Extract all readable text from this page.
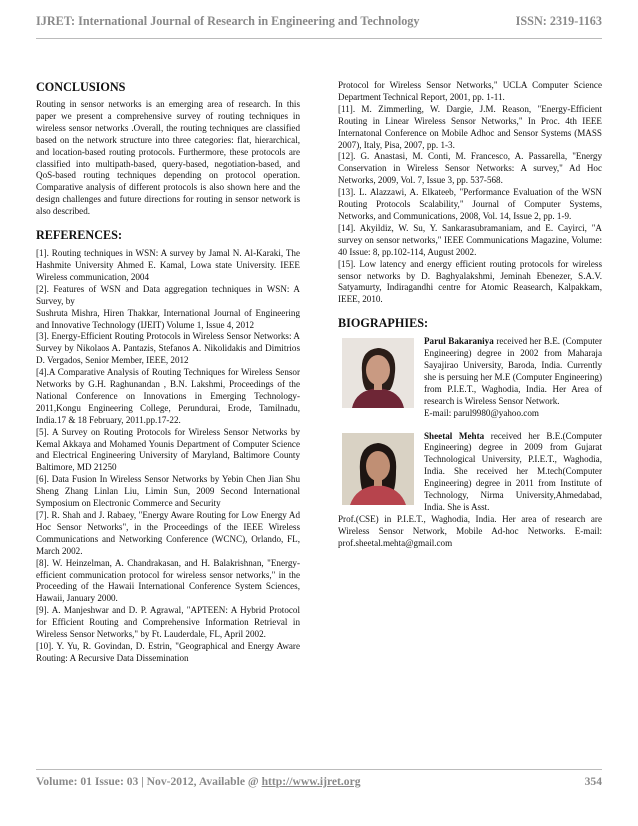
IJRET: International Journal of Research in Engineering and Technology	ISSN: 2319-1163
CONCLUSIONS

Routing in sensor networks is an emerging area of research. In this paper we present a comprehensive survey of routing techniques in wireless sensor networks .Overall, the routing techniques are classified based on the network structure into three categories: flat, hierarchical, and location-based routing protocols. Furthermore, these protocols are classified into multipath-based, query-based, negotiation-based, and QoS-based routing techniques depending on protocol operation. Comparative analysis of different protocols is also shown here and the design challenges and future directions for routing in sensor network is also described.

REFERENCES:

[1]. Routing techniques in WSN: A survey by Jamal N. Al-Karaki, The Hashmite University Ahmed E. Kamal, Lowa state University. IEEE Wireless communication, 2004

[2]. Features of WSN and Data aggregation techniques in WSN: A Survey, by

Sushruta Mishra, Hiren Thakkar, International Journal of Engineering and Innovative Technology (IJEIT) Volume 1, Issue 4, 2012

[3]. Energy-Efficient Routing Protocols in Wireless Sensor Networks: A Survey by Nikolaos A. Pantazis, Stefanos A. Nikolidakis and Dimitrios D. Vergados, Senior Member, IEEE, 2012

[4].A Comparative Analysis of Routing Techniques for Wireless Sensor Networks by G.H. Raghunandan , B.N. Lakshmi, Proceedings of the National Conference on Innovations in Emerging Technology-2011,Kongu Engineering College, Perundurai, Erode, Tamilnadu, India.17 & 18 February, 2011.pp.17-22.

[5]. A Survey on Routing Protocols for Wireless Sensor Networks by Kemal Akkaya and Mohamed Younis Department of Computer Science and Electrical Engineering University of Maryland, Baltimore County Baltimore, MD 21250

[6]. Data Fusion In Wireless Sensor Networks by Yebin Chen Jian Shu Sheng Zhang Linlan Liu, Limin Sun, 2009 Second International Symposium on Electronic Commerce and Security

[7]. R. Shah and J. Rabaey, "Energy Aware Routing for Low Energy Ad Hoc Sensor Networks", in the Proceedings of the IEEE Wireless Communications and Networking Conference (WCNC), Orlando, FL, March 2002.

[8]. W. Heinzelman, A. Chandrakasan, and H. Balakrishnan, "Energy-efficient communication protocol for wireless sensor networks," in the Proceeding of the Hawaii International Conference System Sciences, Hawaii, January 2000.

[9]. A. Manjeshwar and D. P. Agrawal, "APTEEN: A Hybrid Protocol for Efficient Routing and Comprehensive Information Retrieval in Wireless Sensor Networks," by Ft. Lauderdale, FL, April 2002.

[10]. Y. Yu, R. Govindan, D. Estrin, "Geographical and Energy Aware Routing: A Recursive Data Dissemination

Protocol for Wireless Sensor Networks," UCLA Computer Science Department Technical Report, 2001, pp. 1-11.

[11]. M. Zimmerling, W. Dargie, J.M. Reason, "Energy-Efficient Routing in Linear Wireless Sensor Networks," In Proc. 4th IEEE Internatonal Conference on Mobile Adhoc and Sensor Systems (MASS 2007), Italy, Pisa, 2007, pp. 1-3.

[12]. G. Anastasi, M. Conti, M. Francesco, A. Passarella, "Energy Conservation in Wireless Sensor Networks: A survey," Ad Hoc Networks, 2009, Vol. 7, Issue 3, pp. 537-568.

[13]. L. Alazzawi, A. Elkateeb, "Performance Evaluation of the WSN Routing Protocols Scalability," Journal of Computer Systems, Networks, and Communications, 2008, Vol. 14, Issue 2, pp. 1-9.

[14]. Akyildiz, W. Su, Y. Sankarasubramaniam, and E. Cayirci, "A survey on sensor networks," IEEE Communications Magazine, Volume: 40 Issue: 8, pp.102-114, August 2002.

[15]. Low latency and energy efficient routing protocols for wireless sensor networks by D. Baghyalakshmi, Jeminah Ebenezer, S.A.V. Satyamurty, Indiragandhi centre for Atomic Reasearch, Kalpakkam, IEEE, 2010.

BIOGRAPHIES:

Parul Bakaraniya received her B.E. (Computer Engineering) degree in 2002 from Maharaja Sayajirao University, Baroda, India. Currently she is persuing her M.E (Computer Engineering) from P.I.E.T., Waghodia, India. Her Area of research is Wireless Sensor Network.

E-mail: parul9980@yahoo.com

Sheetal Mehta received her B.E.(Computer Engineering) degree in 2009 from Gujarat Technological University, P.I.E.T., Waghodia, India. She received her M.tech(Computer Engineering) degree in 2011 from Institute of Technology, Nirma University,Ahmedabad, India. She is Asst.

Prof.(CSE) in P.I.E.T., Waghodia, India. Her area of research are Wireless Sensor Network, Mobile Ad-hoc Networks. E-mail: prof.sheetal.mehta@gmail.com

Volume: 01 Issue: 03 | Nov-2012, Available @ http://www.ijret.org	354
